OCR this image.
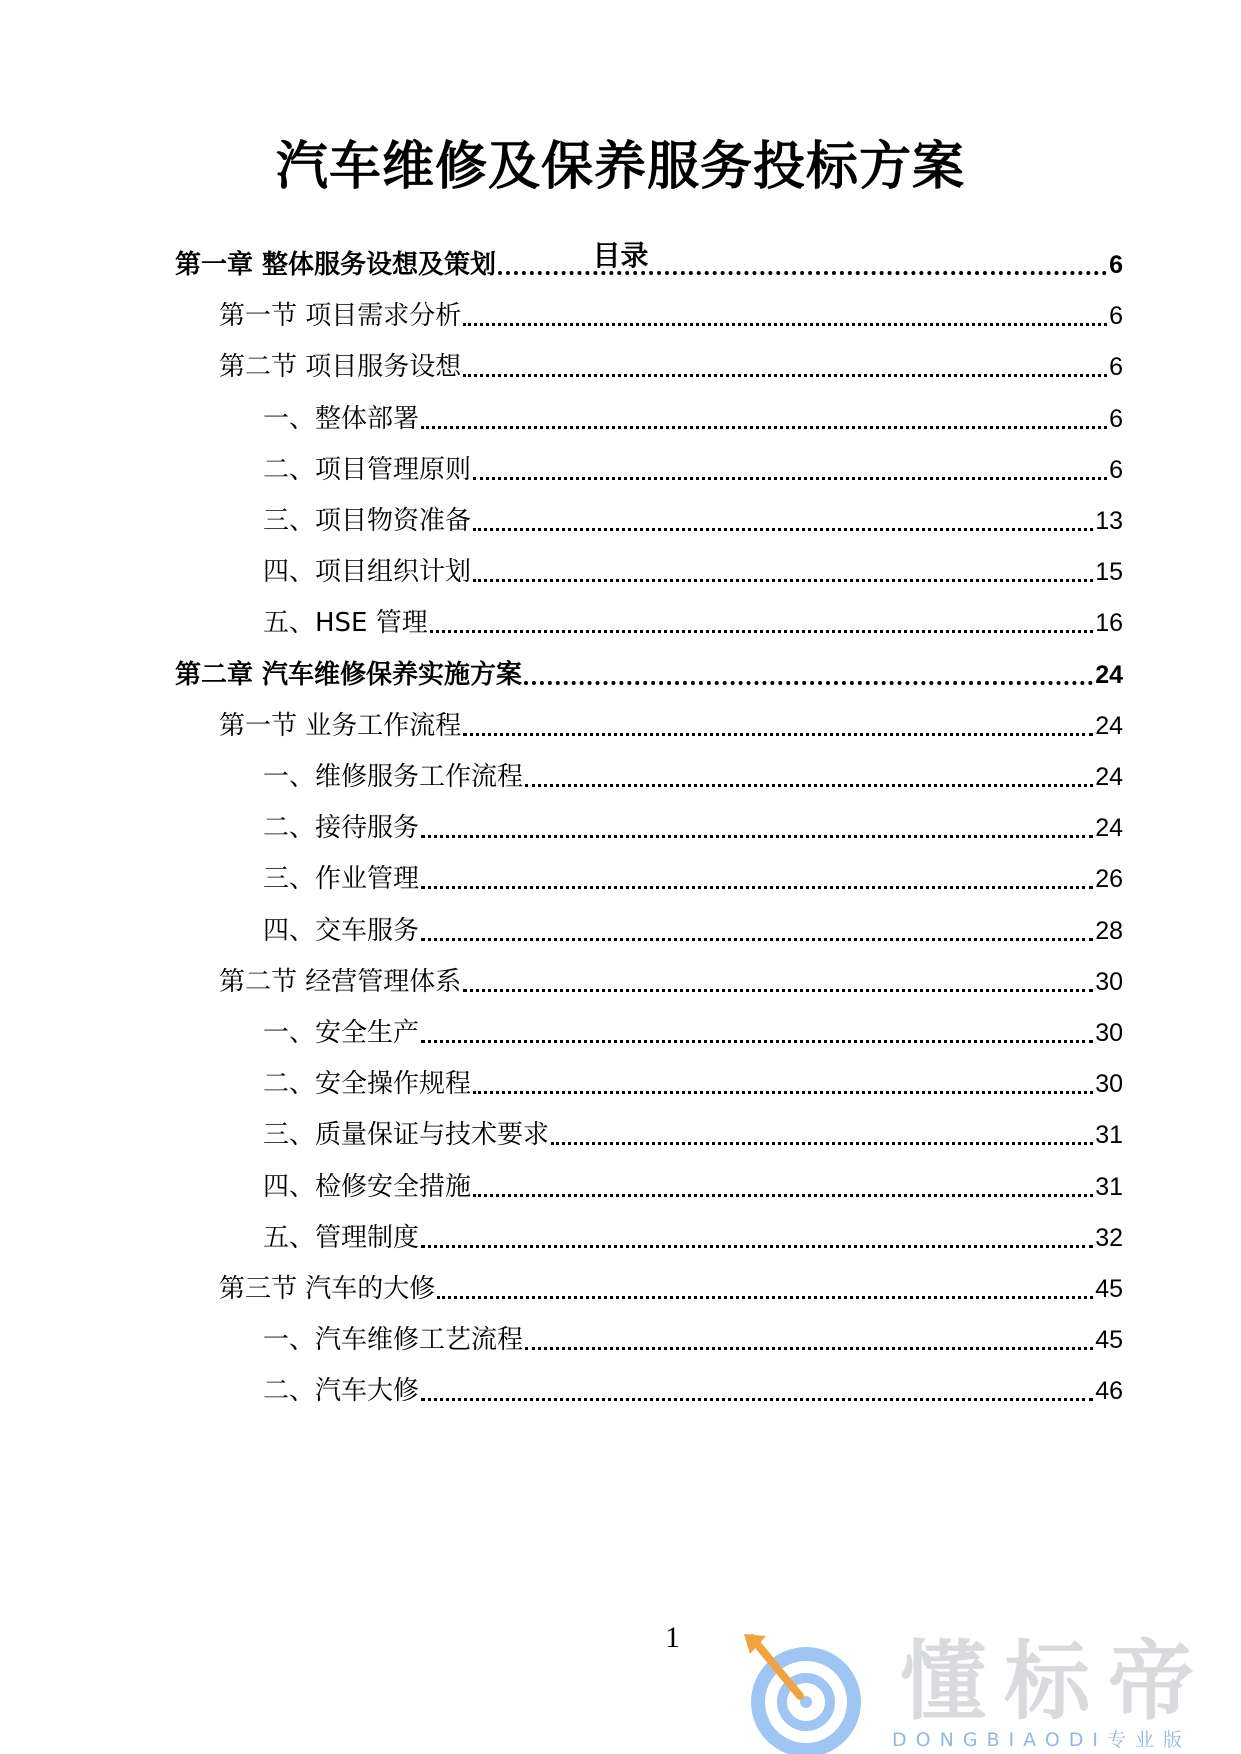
汽车维修及保养服务投标方案
目录
第一章 整体服务设想及策划	6
第一节 项目需求分析	6
第二节 项目服务设想	6
一、整体部署	6
二、项目管理原则	6
三、项目物资准备	13
四、项目组织计划	15
五、HSE 管理	16
第二章 汽车维修保养实施方案	24
第一节 业务工作流程	24
一、维修服务工作流程	24
二、接待服务	24
三、作业管理	26
四、交车服务	28
第二节 经营管理体系	30
一、安全生产	30
二、安全操作规程	30
三、质量保证与技术要求	31
四、检修安全措施	31
五、管理制度	32
第三节 汽车的大修	45
一、汽车维修工艺流程	45
二、汽车大修	46
1	懂标帝
DONGBIAODI专业版
